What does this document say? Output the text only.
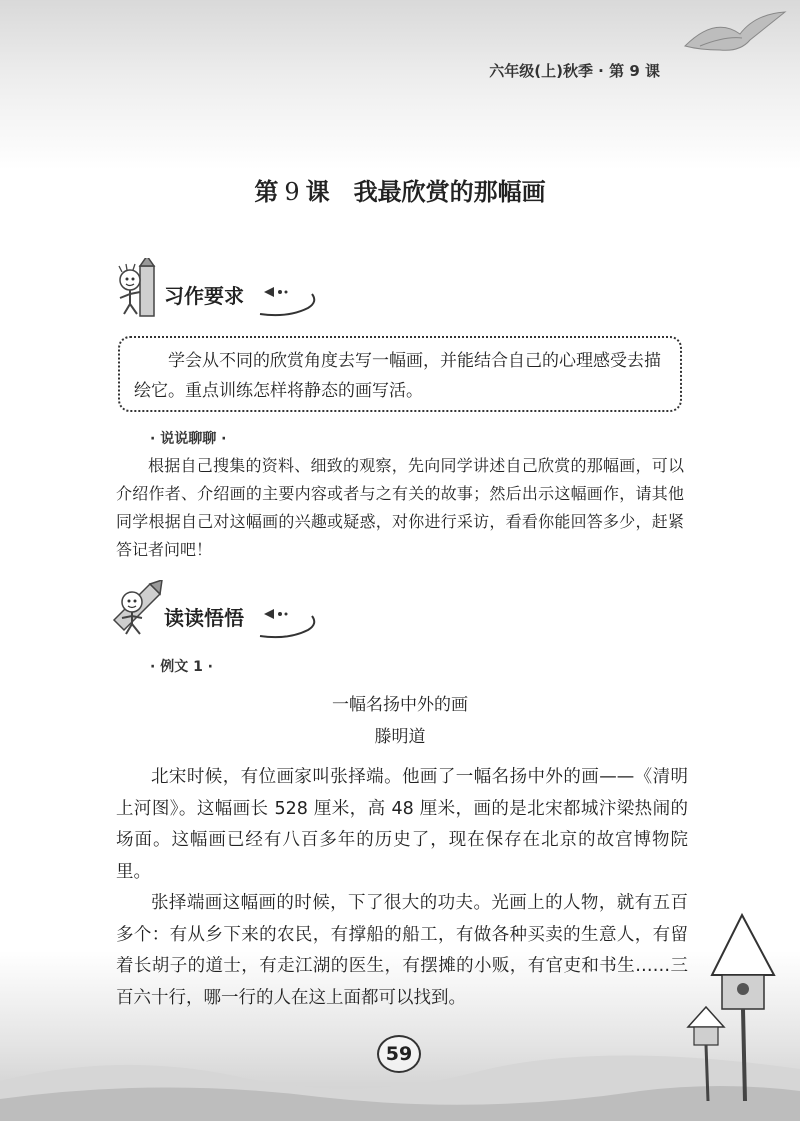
六年级(上)秋季 · 第 9 课
第 9 课 我最欣赏的那幅画
习作要求

学会从不同的欣赏角度去写一幅画，并能结合自己的心理感受去描绘它。重点训练怎样将静态的画写活。

· 说说聊聊 ·

根据自己搜集的资料、细致的观察，先向同学讲述自己欣赏的那幅画，可以介绍作者、介绍画的主要内容或者与之有关的故事；然后出示这幅画作，请其他同学根据自己对这幅画的兴趣或疑惑，对你进行采访，看看你能回答多少，赶紧答记者问吧！

读读悟悟
· 例文 1 ·
一幅名扬中外的画
滕明道

北宋时候，有位画家叫张择端。他画了一幅名扬中外的画——《清明上河图》。这幅画长 528 厘米，高 48 厘米，画的是北宋都城汴梁热闹的场面。这幅画已经有八百多年的历史了，现在保存在北京的故宫博物院里。

张择端画这幅画的时候，下了很大的功夫。光画上的人物，就有五百多个：有从乡下来的农民，有撑船的船工，有做各种买卖的生意人，有留着长胡子的道士，有走江湖的医生，有摆摊的小贩，有官吏和书生……三百六十行，哪一行的人在这上面都可以找到。

59
